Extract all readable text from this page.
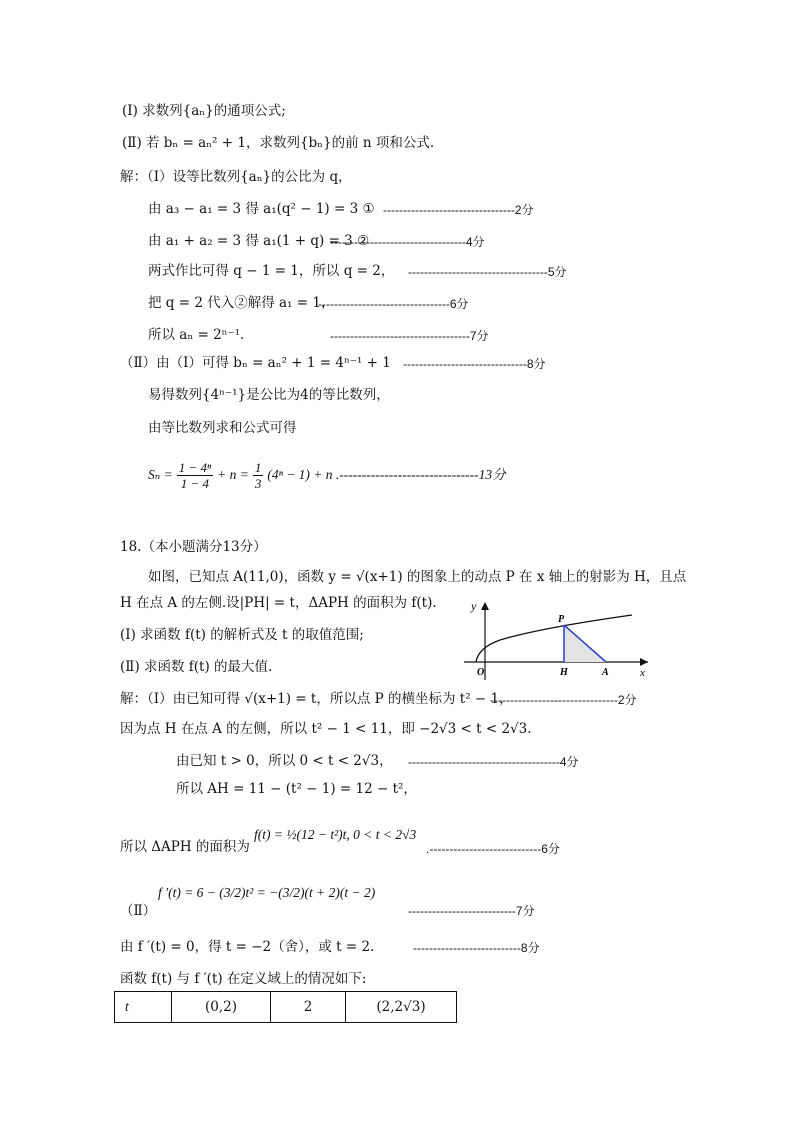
(Ⅰ) 求数列{aₙ}的通项公式;
(Ⅱ) 若 bₙ = aₙ² + 1，求数列{bₙ}的前 n 项和公式.
解：（Ⅰ）设等比数列{aₙ}的公比为 q，
由 a₃ − a₁ = 3 得 a₁(q² − 1) = 3 ① ---------------------------------2分
由 a₁ + a₂ = 3 得 a₁(1 + q) = 3 ②
----------------------------------4分
两式作比可得 q − 1 = 1，所以 q = 2， -----------------------------------5分
把 q = 2 代入②解得 a₁ = 1，
---------------------------------6分
所以 aₙ = 2ⁿ⁻¹.	-----------------------------------7分
（Ⅱ）由（Ⅰ）可得 bₙ = aₙ² + 1 = 4ⁿ⁻¹ + 1 -------------------------------8分
易得数列{4ⁿ⁻¹}是公比为4的等比数列，
由等比数列求和公式可得
$S_n = \frac{\text{1 − 4ⁿ}}{1 - 4} + n = \frac{1}{3} (4^n - 1) + n$ .-------------------------------13分
18.（本小题满分13分）
如图，已知点 A(11,0)，函数 y = √(x+1) 的图象上的动点 P 在 x 轴上的射影为 H，且点
H 在点 A 的左侧.设|PH| = t，ΔAPH 的面积为 f(t).
(Ⅰ) 求函数 f(t) 的解析式及 t 的取值范围;
(Ⅱ) 求函数 f(t) 的最大值.
y
x
O
P
H	A
解：（Ⅰ）由已知可得 √(x+1) = t，所以点 P 的横坐标为 t² − 1，
--------------------------------2分
因为点 H 在点 A 的左侧，所以 t² − 1 < 11，即 −2√3 < t < 2√3.
由已知 t > 0，所以 0 < t < 2√3， --------------------------------------4分
所以 AH = 11 − (t² − 1) = 12 − t²，
所以 ΔAPH 的面积为
f(t) = ½(12 − t²)t, 0 < t < 2√3
.----------------------------6分
（Ⅱ）
f ′(t) = 6 − (3/2)t² = −(3/2)(t + 2)(t − 2)
---------------------------7分
由 f ′(t) = 0，得 t = −2（舍），或 t = 2.	---------------------------8分
函数 f(t) 与 f ′(t) 在定义域上的情况如下:
t	(0,2)	2	(2,2√3)
